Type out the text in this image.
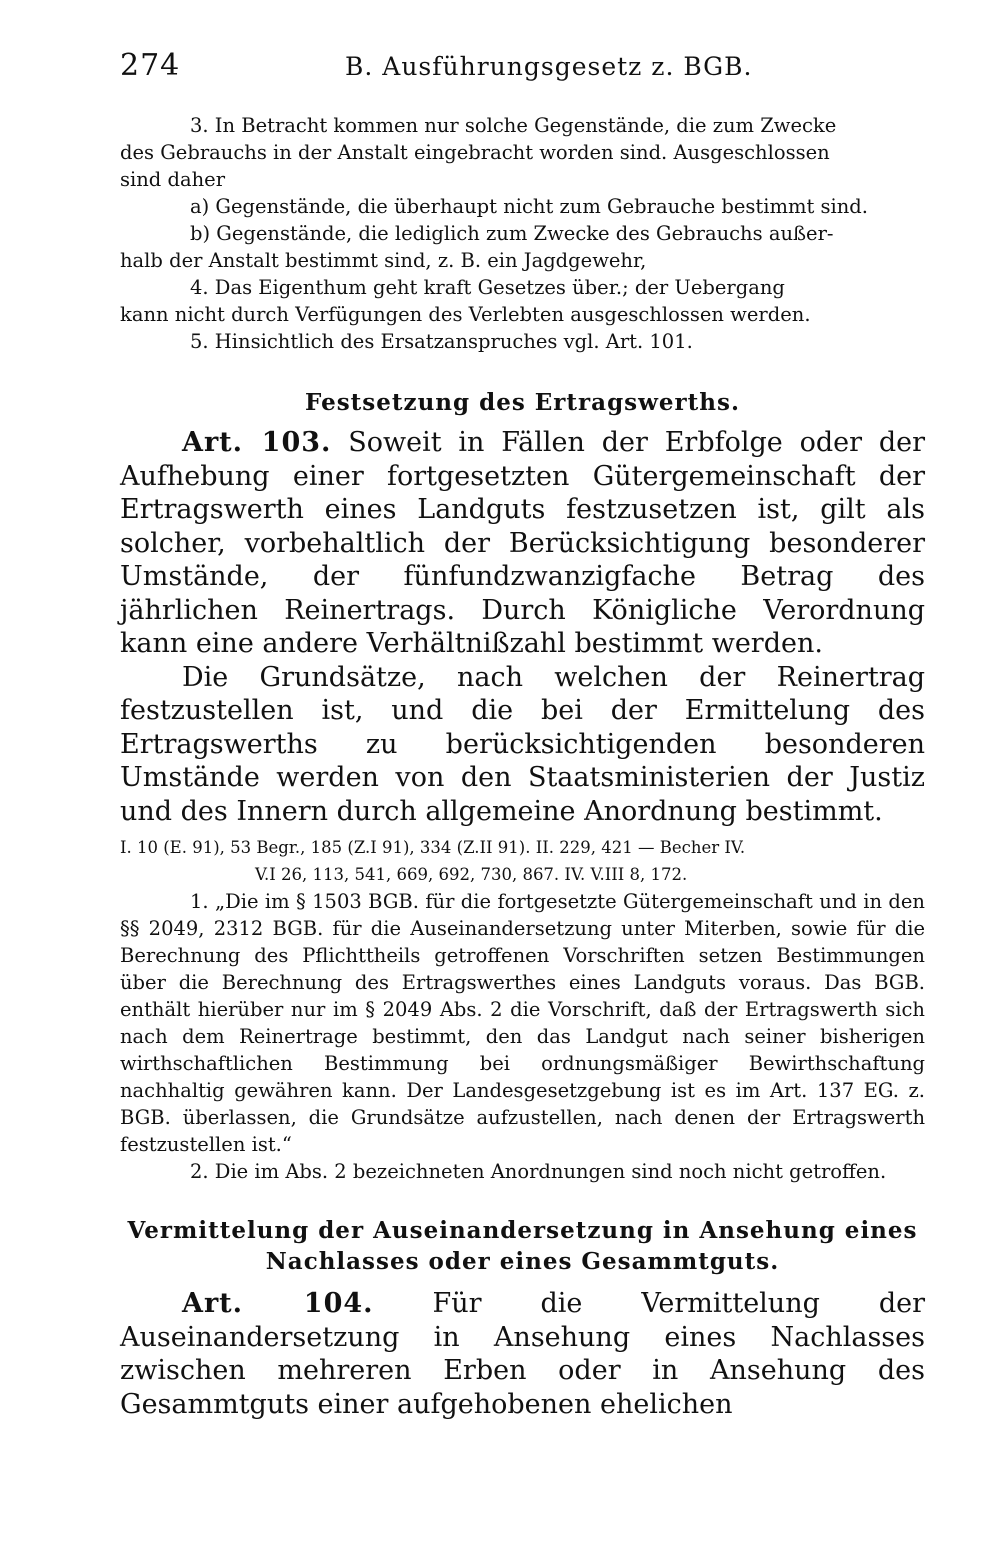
274	B. Ausführungsgesetz z. BGB.

3. In Betracht kommen nur solche Gegenstände, die zum Zwecke

des Gebrauchs in der Anstalt eingebracht worden sind. Ausgeschlossen

sind daher

a) Gegenstände, die überhaupt nicht zum Gebrauche bestimmt sind.

b) Gegenstände, die lediglich zum Zwecke des Gebrauchs außer-

halb der Anstalt bestimmt sind, z. B. ein Jagdgewehr,

4. Das Eigenthum geht kraft Gesetzes über.; der Uebergang

kann nicht durch Verfügungen des Verlebten ausgeschlossen werden.

5. Hinsichtlich des Ersatzanspruches vgl. Art. 101.

Festsetzung des Ertragswerths.

Art. 103. Soweit in Fällen der Erbfolge oder der Aufhebung einer fortgesetzten Gütergemeinschaft der Ertragswerth eines Landguts festzusetzen ist, gilt als solcher, vorbehaltlich der Berücksichtigung besonderer Umstände, der fünfundzwanzigfache Betrag des jährlichen Reinertrags. Durch Königliche Verordnung kann eine andere Verhältnißzahl bestimmt werden.

Die Grundsätze, nach welchen der Reinertrag festzustellen ist, und die bei der Ermittelung des Ertragswerths zu berücksichtigenden besonderen Umstände werden von den Staatsministerien der Justiz und des Innern durch allgemeine Anordnung bestimmt.

I. 10 (E. 91), 53 Begr., 185 (Z.I 91), 334 (Z.II 91). II. 229, 421 — Becher IV.

V.I 26, 113, 541, 669, 692, 730, 867. IV. V.III 8, 172.

1. „Die im § 1503 BGB. für die fortgesetzte Gütergemeinschaft und in den §§ 2049, 2312 BGB. für die Auseinandersetzung unter Miterben, sowie für die Berechnung des Pflichttheils getroffenen Vorschriften setzen Bestimmungen über die Berechnung des Ertragswerthes eines Landguts voraus. Das BGB. enthält hierüber nur im § 2049 Abs. 2 die Vorschrift, daß der Ertragswerth sich nach dem Reinertrage bestimmt, den das Landgut nach seiner bisherigen wirthschaftlichen Bestimmung bei ordnungsmäßiger Bewirthschaftung nachhaltig gewähren kann. Der Landesgesetzgebung ist es im Art. 137 EG. z. BGB. überlassen, die Grundsätze aufzustellen, nach denen der Ertragswerth festzustellen ist.“

2. Die im Abs. 2 bezeichneten Anordnungen sind noch nicht getroffen.

Vermittelung der Auseinandersetzung in Ansehung eines
Nachlasses oder eines Gesammtguts.

Art. 104. Für die Vermittelung der Auseinandersetzung in Ansehung eines Nachlasses zwischen mehreren Erben oder in Ansehung des Gesammtguts einer aufgehobenen ehelichen
